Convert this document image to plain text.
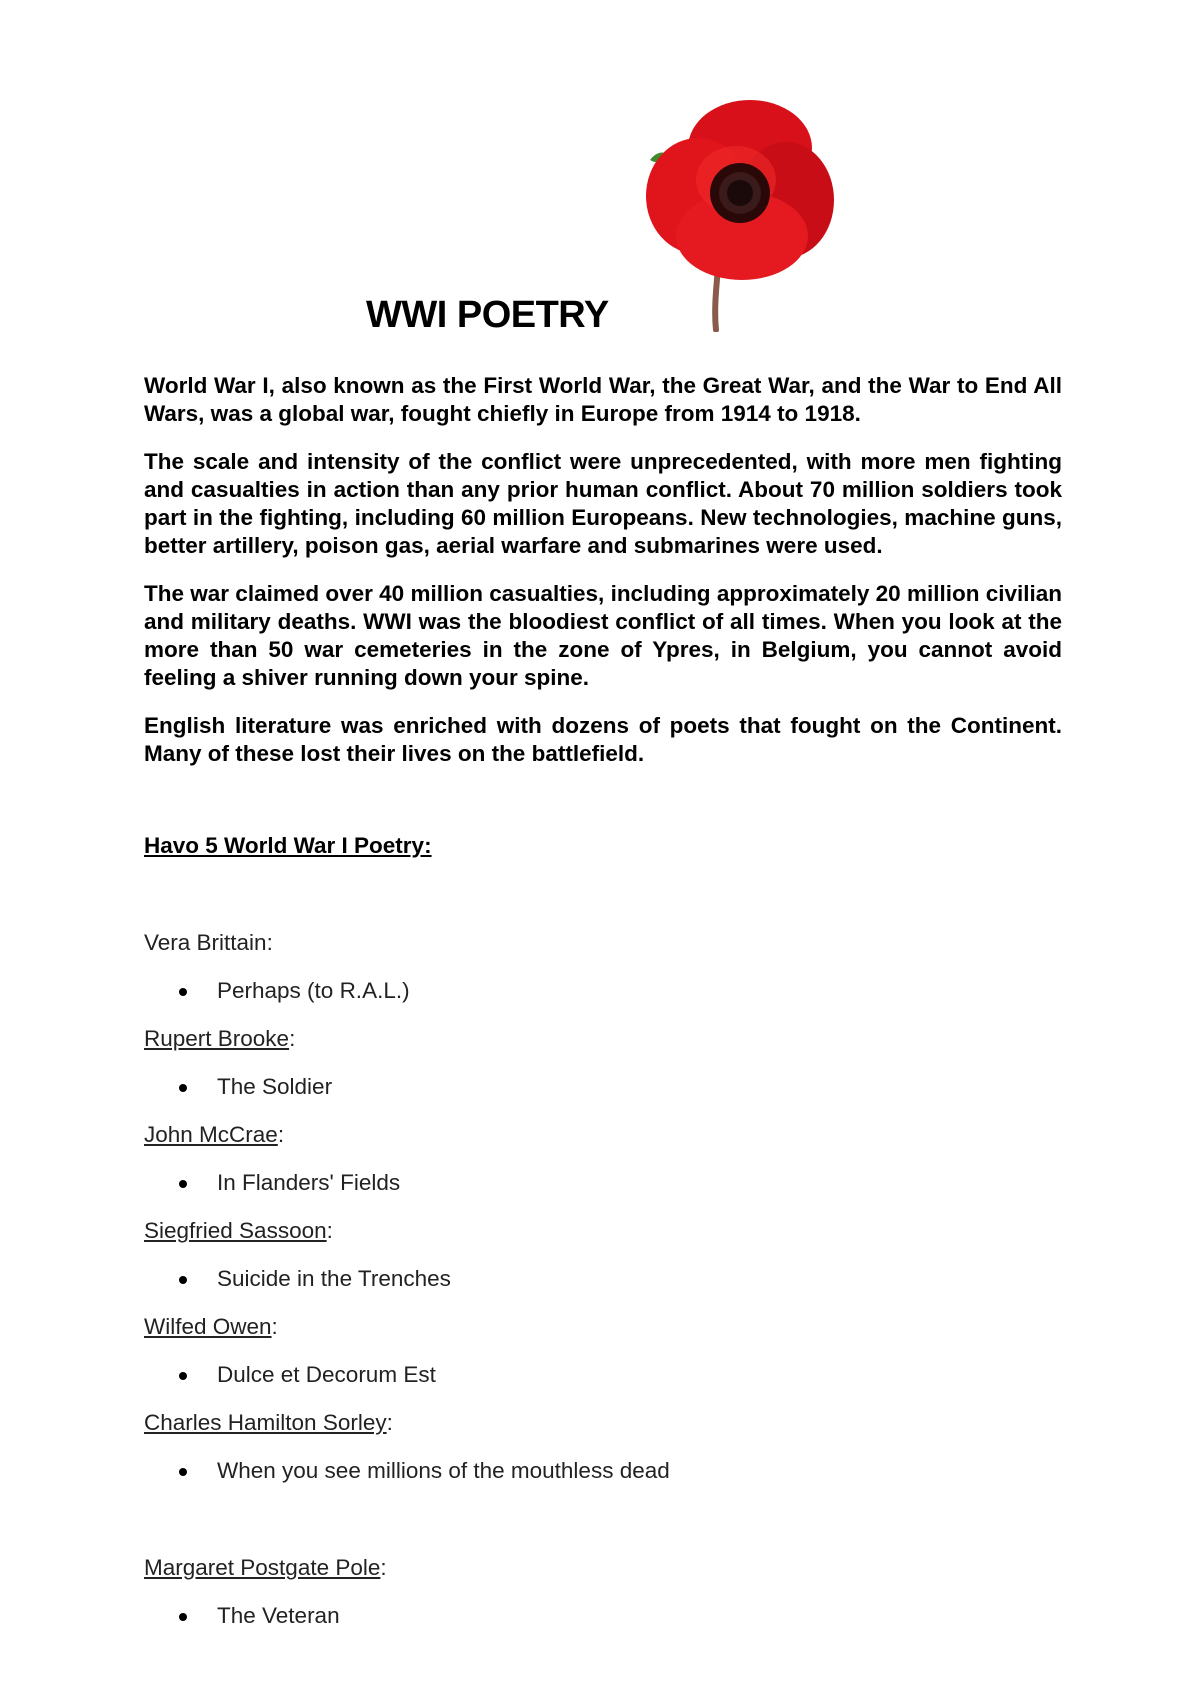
WWI POETRY

World War I, also known as the First World War, the Great War, and the War to End All Wars, was a global war, fought chiefly in Europe from 1914 to 1918.

The scale and intensity of the conflict were unprecedented, with more men fighting and casualties in action than any prior human conflict. About 70 million soldiers took part in the fighting, including 60 million Europeans. New technologies, machine guns, better artillery, poison gas, aerial warfare and submarines were used.

The war claimed over 40 million casualties, including approximately 20 million civilian and military deaths. WWI was the bloodiest conflict of all times. When you look at the more than 50 war cemeteries in the zone of Ypres, in Belgium, you cannot avoid feeling a shiver running down your spine.

English literature was enriched with dozens of poets that fought on the Continent. Many of these lost their lives on the battlefield.

Havo 5 World War I Poetry:

Vera Brittain:

Perhaps (to R.A.L.)

Rupert Brooke:

The Soldier

John McCrae:

In Flanders' Fields

Siegfried Sassoon:

Suicide in the Trenches

Wilfed Owen:

Dulce et Decorum Est

Charles Hamilton Sorley:

When you see millions of the mouthless dead

Margaret Postgate Pole:

The Veteran
